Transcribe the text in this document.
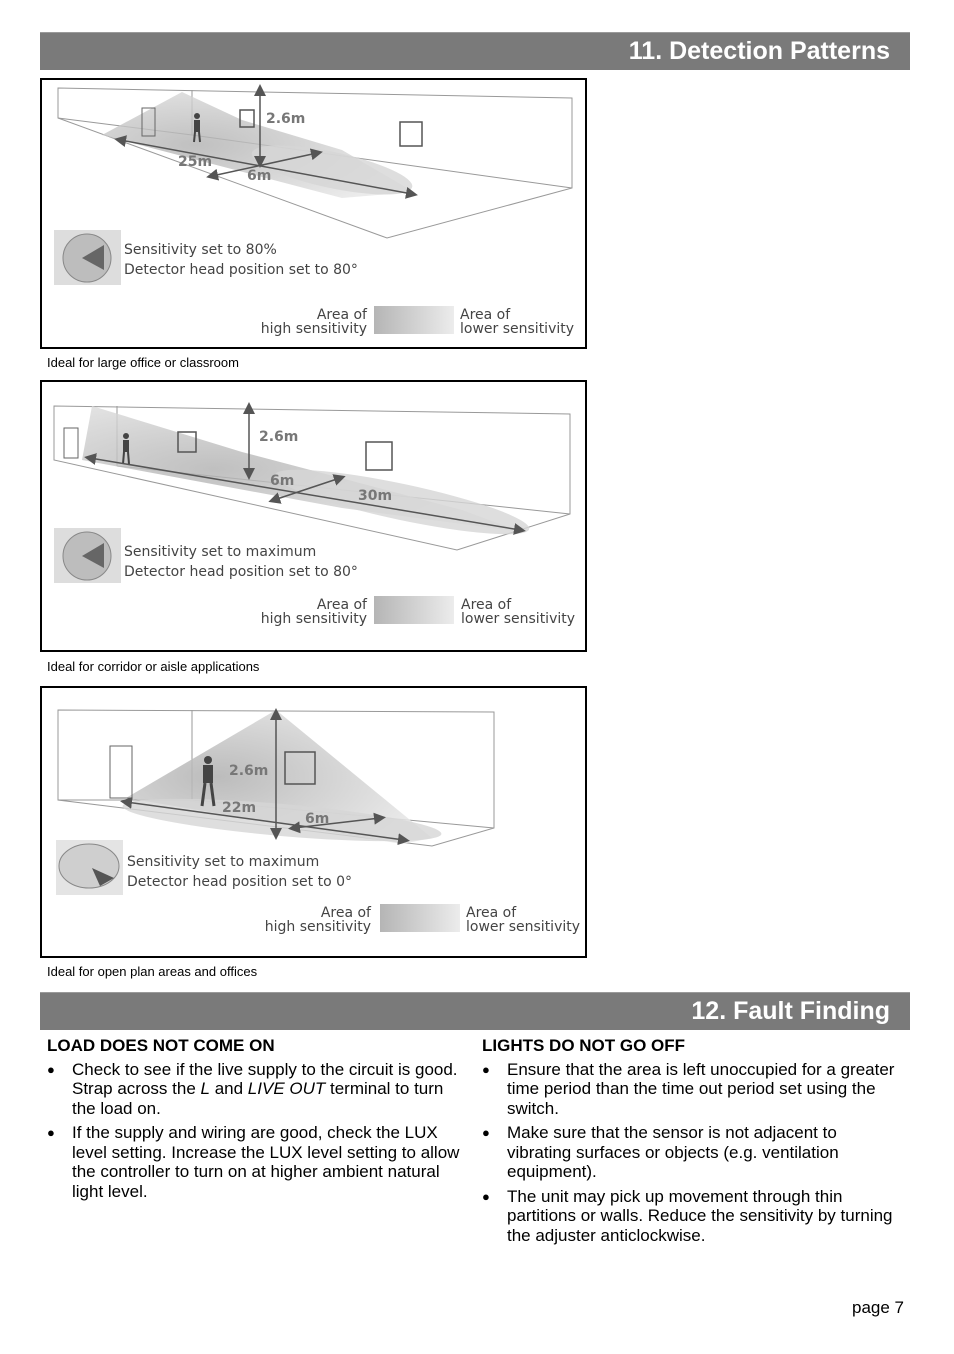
11. Detection Patterns
2.6m
25m
6m
Sensitivity set to 80%
Detector head position set to 80°
Area of
high sensitivity
Area of
lower sensitivity
Ideal for large office or classroom
2.6m
6m
30m
Sensitivity set to maximum
Detector head position set to 80°
Area of
high sensitivity
Area of
lower sensitivity
Ideal for corridor or aisle applications
2.6m
22m
6m
Sensitivity set to maximum
Detector head position set to 0°
Area of
high sensitivity
Area of
lower sensitivity
Ideal for open plan areas and offices
12. Fault Finding
LOAD DOES NOT COME ON
● Check to see if the live supply to the circuit is good. Strap across the L and LIVE OUT terminal to turn the load on.
● If the supply and wiring are good, check the LUX level setting. Increase the LUX level setting to allow the controller to turn on at higher ambient natural light level.
LIGHTS DO NOT GO OFF
● Ensure that the area is left unoccupied for a greater time period than the time out period set using the switch.
● Make sure that the sensor is not adjacent to vibrating surfaces or objects (e.g. ventilation equipment).
● The unit may pick up movement through thin partitions or walls. Reduce the sensitivity by turning the adjuster anticlockwise.
page 7
